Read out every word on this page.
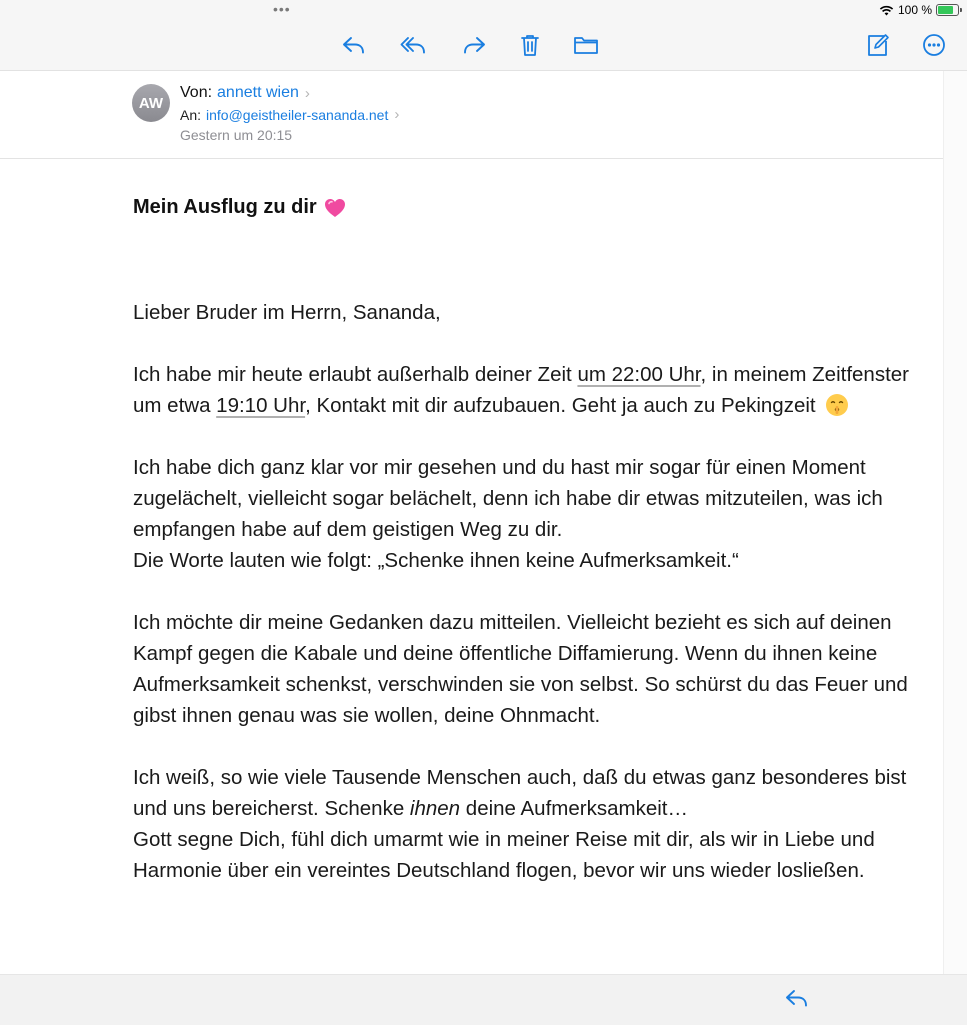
•••	100 %
AW
Von: annett wien ›
An: info@geistheiler-sananda.net ›
Gestern um 20:15
Mein Ausflug zu dir

Lieber Bruder im Herrn, Sananda,

Ich habe mir heute erlaubt außerhalb deiner Zeit um 22:00 Uhr, in meinem Zeitfenster um etwa 19:10 Uhr, Kontakt mit dir aufzubauen. Geht ja auch zu Pekingzeit

Ich habe dich ganz klar vor mir gesehen und du hast mir sogar für einen Moment zugelächelt, vielleicht sogar belächelt, denn ich habe dir etwas mitzuteilen, was ich empfangen habe auf dem geistigen Weg zu dir.
Die Worte lauten wie folgt: „Schenke ihnen keine Aufmerksamkeit.“

Ich möchte dir meine Gedanken dazu mitteilen. Vielleicht bezieht es sich auf deinen Kampf gegen die Kabale und deine öffentliche Diffamierung. Wenn du ihnen keine Aufmerksamkeit schenkst, verschwinden sie von selbst. So schürst du das Feuer und gibst ihnen genau was sie wollen, deine Ohnmacht.

Ich weiß, so wie viele Tausende Menschen auch, daß du etwas ganz besonderes bist und uns bereicherst. Schenke ihnen deine Aufmerksamkeit…
Gott segne Dich, fühl dich umarmt wie in meiner Reise mit dir, als wir in Liebe und Harmonie über ein vereintes Deutschland flogen, bevor wir uns wieder losließen.
